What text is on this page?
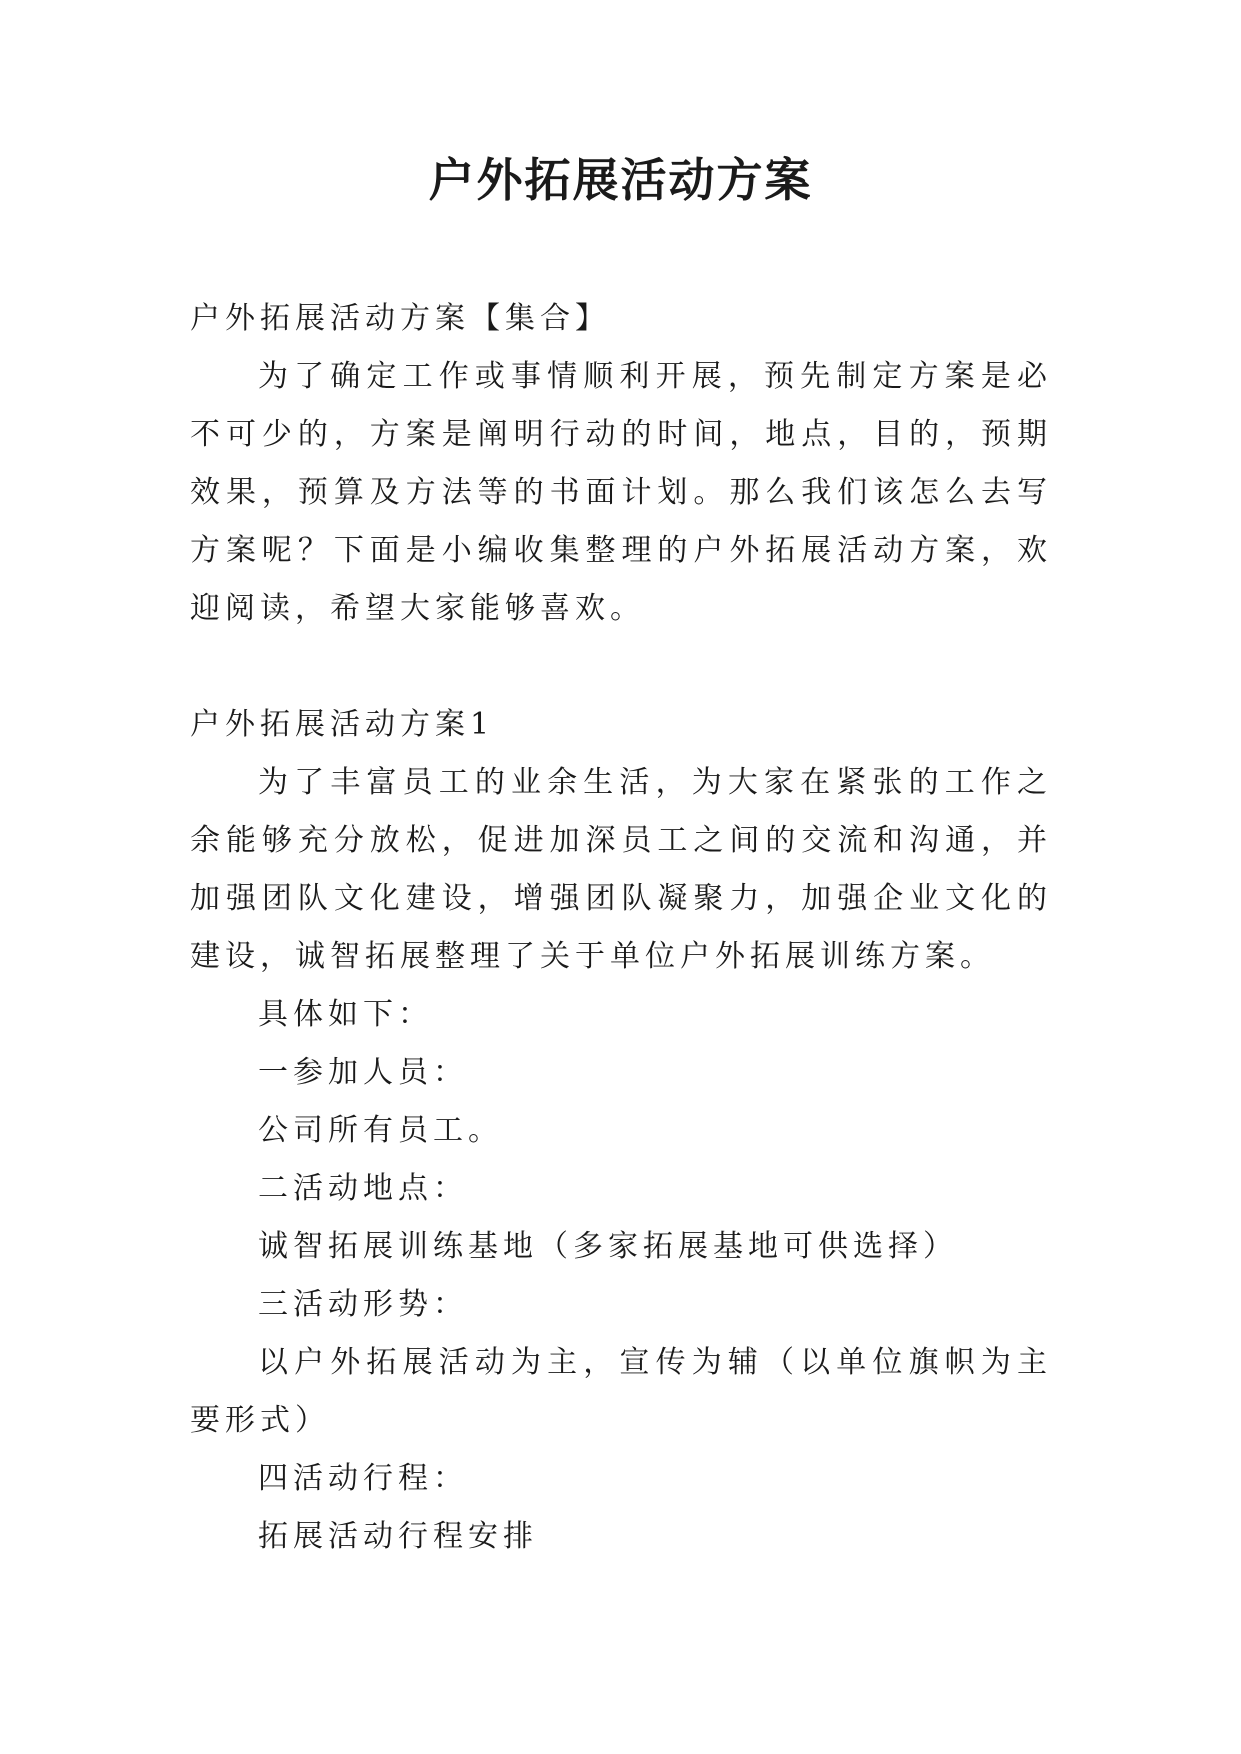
户外拓展活动方案

户外拓展活动方案【集合】

为了确定工作或事情顺利开展，预先制定方案是必不可少的，方案是阐明行动的时间，地点，目的，预期效果，预算及方法等的书面计划。那么我们该怎么去写方案呢？下面是小编收集整理的户外拓展活动方案，欢迎阅读，希望大家能够喜欢。

户外拓展活动方案1

为了丰富员工的业余生活，为大家在紧张的工作之余能够充分放松，促进加深员工之间的交流和沟通，并加强团队文化建设，增强团队凝聚力，加强企业文化的建设，诚智拓展整理了关于单位户外拓展训练方案。

具体如下：

一参加人员：

公司所有员工。

二活动地点：

诚智拓展训练基地（多家拓展基地可供选择）

三活动形势：

以户外拓展活动为主，宣传为辅（以单位旗帜为主要形式）

四活动行程：

拓展活动行程安排
